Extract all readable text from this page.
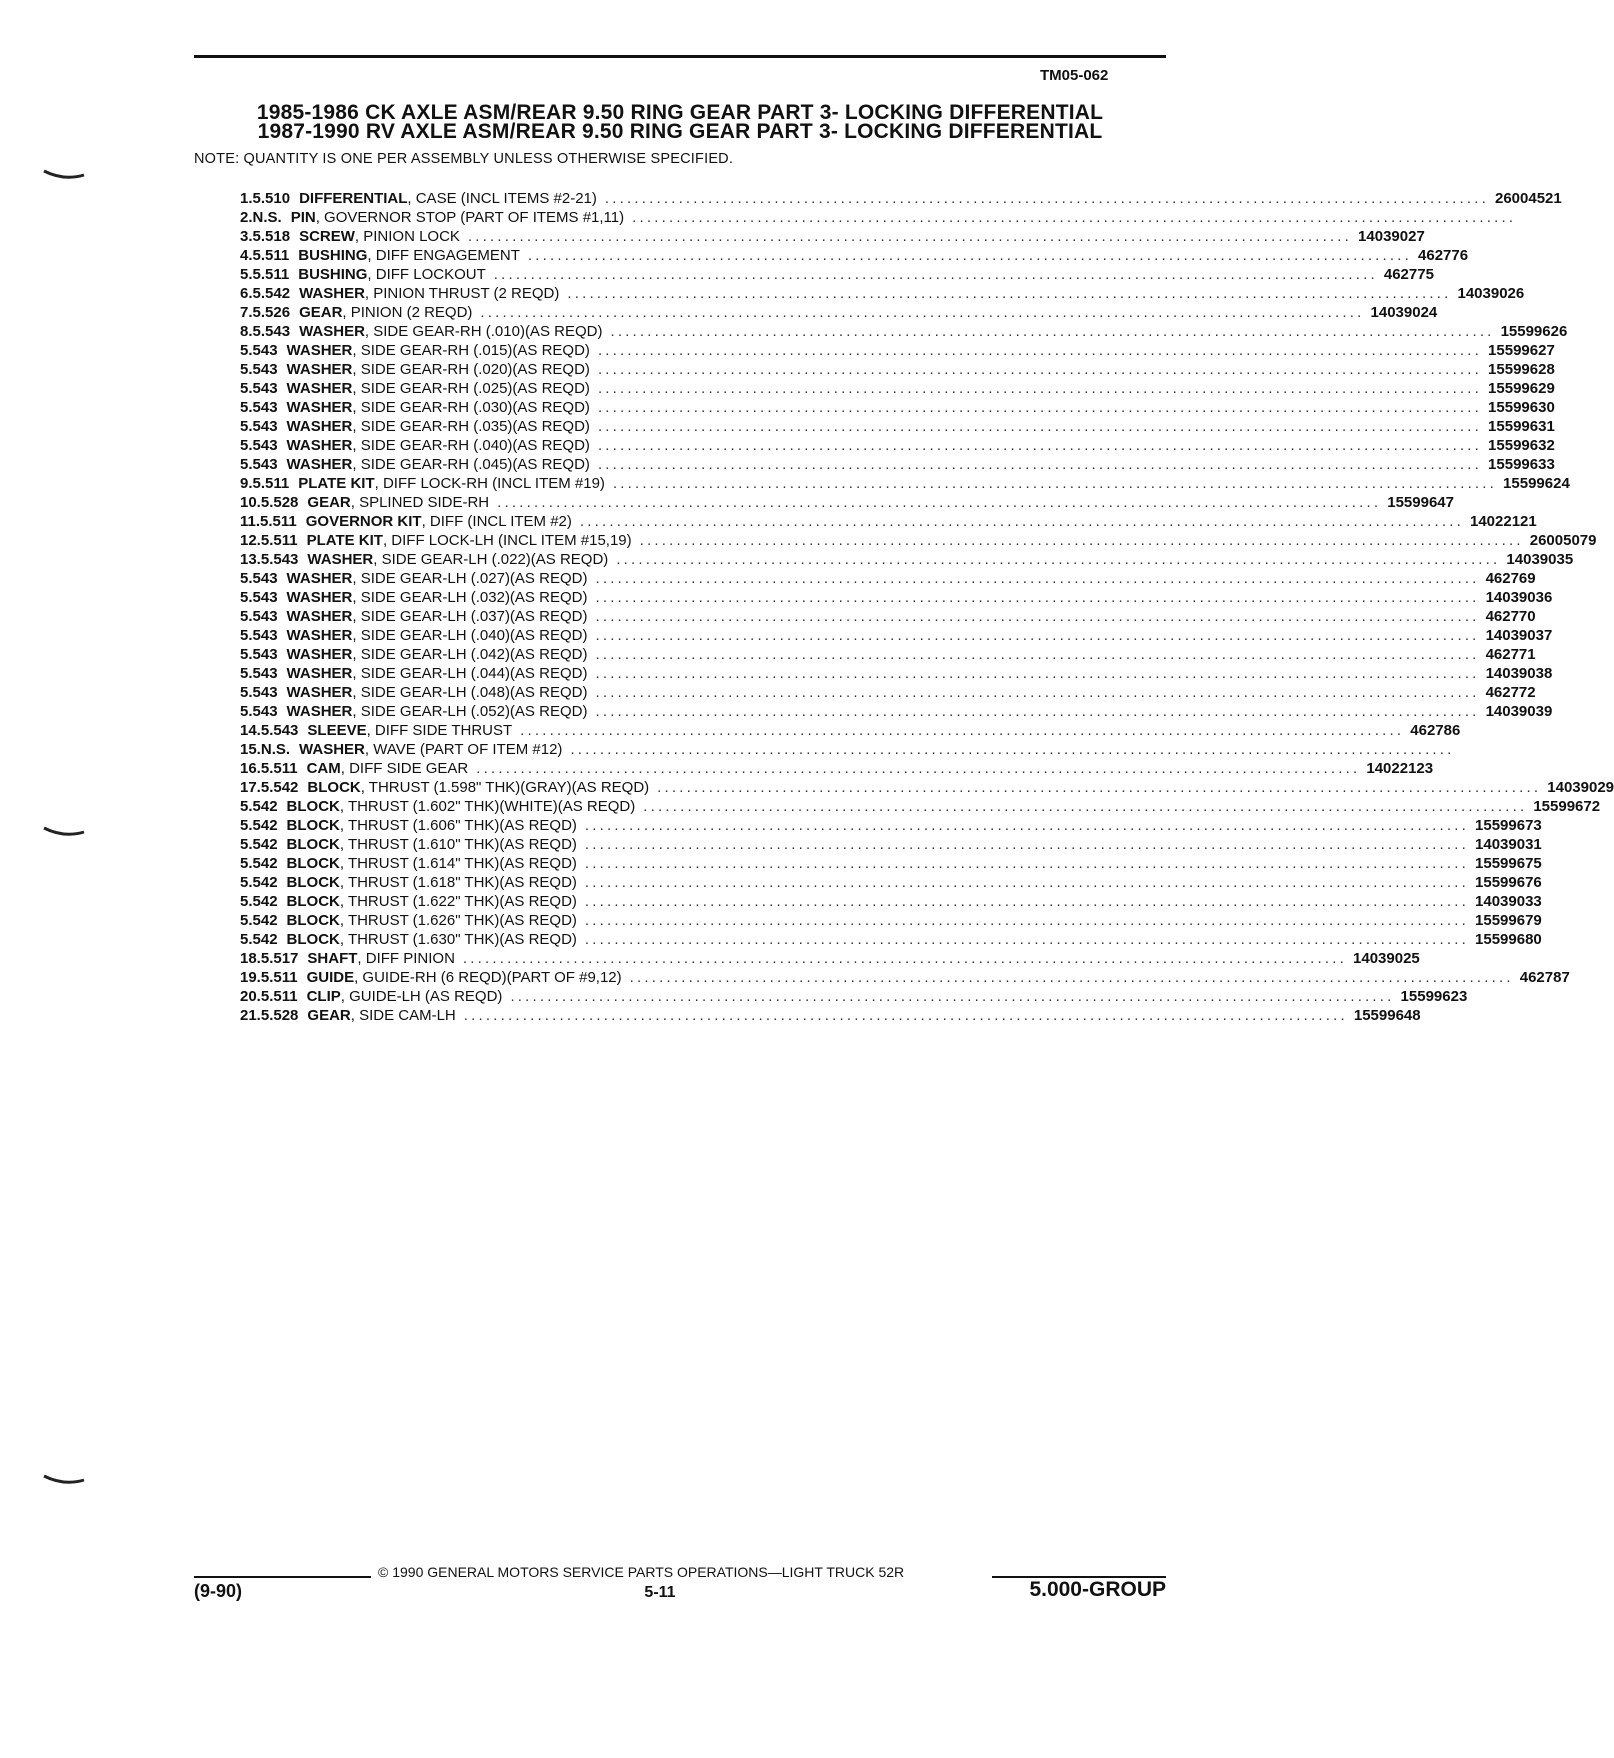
TM05-062
1985-1986 CK AXLE ASM/REAR 9.50 RING GEAR PART 3- LOCKING DIFFERENTIAL
1987-1990 RV AXLE ASM/REAR 9.50 RING GEAR PART 3- LOCKING DIFFERENTIAL
NOTE: QUANTITY IS ONE PER ASSEMBLY UNLESS OTHERWISE SPECIFIED.
1. 5.510 DIFFERENTIAL , CASE (INCL ITEMS #2-21) ........................................................................................................................ 26004521
2. N.S. PIN , GOVERNOR STOP (PART OF ITEMS #1,11) ........................................................................................................................
3. 5.518 SCREW , PINION LOCK ........................................................................................................................ 14039027
4. 5.511 BUSHING , DIFF ENGAGEMENT ........................................................................................................................ 462776
5. 5.511 BUSHING , DIFF LOCKOUT ........................................................................................................................ 462775
6. 5.542 WASHER , PINION THRUST (2 REQD) ........................................................................................................................ 14039026
7. 5.526 GEAR , PINION (2 REQD) ........................................................................................................................ 14039024
8. 5.543 WASHER , SIDE GEAR-RH (.010)(AS REQD) ........................................................................................................................ 15599626
5.543 WASHER , SIDE GEAR-RH (.015)(AS REQD) ........................................................................................................................ 15599627
5.543 WASHER , SIDE GEAR-RH (.020)(AS REQD) ........................................................................................................................ 15599628
5.543 WASHER , SIDE GEAR-RH (.025)(AS REQD) ........................................................................................................................ 15599629
5.543 WASHER , SIDE GEAR-RH (.030)(AS REQD) ........................................................................................................................ 15599630
5.543 WASHER , SIDE GEAR-RH (.035)(AS REQD) ........................................................................................................................ 15599631
5.543 WASHER , SIDE GEAR-RH (.040)(AS REQD) ........................................................................................................................ 15599632
5.543 WASHER , SIDE GEAR-RH (.045)(AS REQD) ........................................................................................................................ 15599633
9. 5.511 PLATE KIT , DIFF LOCK-RH (INCL ITEM #19) ........................................................................................................................ 15599624
10. 5.528 GEAR , SPLINED SIDE-RH ........................................................................................................................ 15599647
11. 5.511 GOVERNOR KIT , DIFF (INCL ITEM #2) ........................................................................................................................ 14022121
12. 5.511 PLATE KIT , DIFF LOCK-LH (INCL ITEM #15,19) ........................................................................................................................ 26005079
13. 5.543 WASHER , SIDE GEAR-LH (.022)(AS REQD) ........................................................................................................................ 14039035
5.543 WASHER , SIDE GEAR-LH (.027)(AS REQD) ........................................................................................................................ 462769
5.543 WASHER , SIDE GEAR-LH (.032)(AS REQD) ........................................................................................................................ 14039036
5.543 WASHER , SIDE GEAR-LH (.037)(AS REQD) ........................................................................................................................ 462770
5.543 WASHER , SIDE GEAR-LH (.040)(AS REQD) ........................................................................................................................ 14039037
5.543 WASHER , SIDE GEAR-LH (.042)(AS REQD) ........................................................................................................................ 462771
5.543 WASHER , SIDE GEAR-LH (.044)(AS REQD) ........................................................................................................................ 14039038
5.543 WASHER , SIDE GEAR-LH (.048)(AS REQD) ........................................................................................................................ 462772
5.543 WASHER , SIDE GEAR-LH (.052)(AS REQD) ........................................................................................................................ 14039039
14. 5.543 SLEEVE , DIFF SIDE THRUST ........................................................................................................................ 462786
15. N.S. WASHER , WAVE (PART OF ITEM #12) ........................................................................................................................
16. 5.511 CAM , DIFF SIDE GEAR ........................................................................................................................ 14022123
17. 5.542 BLOCK , THRUST (1.598" THK)(GRAY)(AS REQD) ........................................................................................................................ 14039029
5.542 BLOCK , THRUST (1.602" THK)(WHITE)(AS REQD) ........................................................................................................................ 15599672
5.542 BLOCK , THRUST (1.606" THK)(AS REQD) ........................................................................................................................ 15599673
5.542 BLOCK , THRUST (1.610" THK)(AS REQD) ........................................................................................................................ 14039031
5.542 BLOCK , THRUST (1.614" THK)(AS REQD) ........................................................................................................................ 15599675
5.542 BLOCK , THRUST (1.618" THK)(AS REQD) ........................................................................................................................ 15599676
5.542 BLOCK , THRUST (1.622" THK)(AS REQD) ........................................................................................................................ 14039033
5.542 BLOCK , THRUST (1.626" THK)(AS REQD) ........................................................................................................................ 15599679
5.542 BLOCK , THRUST (1.630" THK)(AS REQD) ........................................................................................................................ 15599680
18. 5.517 SHAFT , DIFF PINION ........................................................................................................................ 14039025
19. 5.511 GUIDE , GUIDE-RH (6 REQD)(PART OF #9,12) ........................................................................................................................ 462787
20. 5.511 CLIP , GUIDE-LH (AS REQD) ........................................................................................................................ 15599623
21. 5.528 GEAR , SIDE CAM-LH ........................................................................................................................ 15599648
© 1990 GENERAL MOTORS SERVICE PARTS OPERATIONS—LIGHT TRUCK 52R
(9-90)	5-11	5.000-GROUP
